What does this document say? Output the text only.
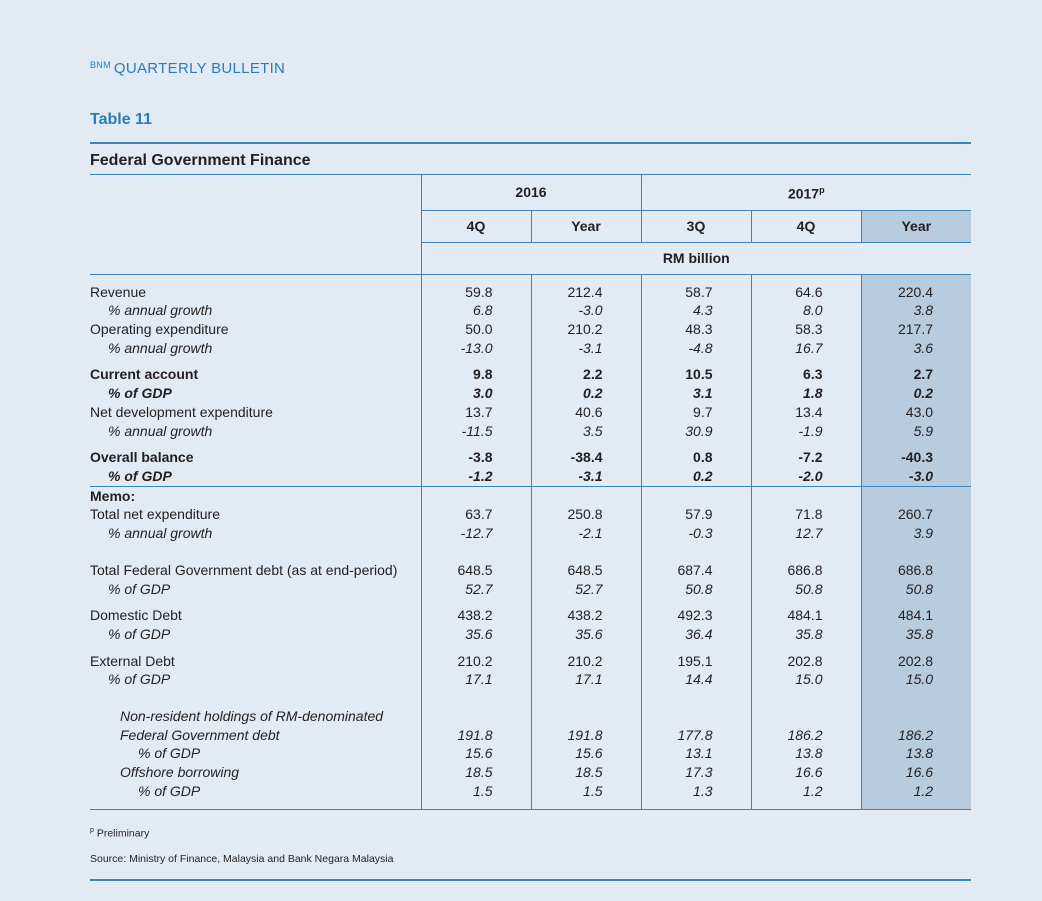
$^{BNM}$ QUARTERLY BULLETIN
Table 11
Federal Government Finance
	2016		2017$^p$
	4Q	Year	3Q	4Q	Year
	RM billion				

Revenue	59.8	212.4	58.7	64.6	220.4
% annual growth	6.8	-3.0	4.3	8.0	3.8
Operating expenditure	50.0	210.2	48.3	58.3	217.7
% annual growth	-13.0	-3.1	-4.8	16.7	3.6

Current account	9.8	2.2	10.5	6.3	2.7
% of GDP	3.0	0.2	3.1	1.8	0.2
Net development expenditure	13.7	40.6	9.7	13.4	43.0
% annual growth	-11.5	3.5	30.9	-1.9	5.9

Overall balance	-3.8	-38.4	0.8	-7.2	-40.3
% of GDP	-1.2	-3.1	0.2	-2.0	-3.0
Memo:					
Total net expenditure	63.7	250.8	57.9	71.8	260.7
% annual growth	-12.7	-2.1	-0.3	12.7	3.9

Total Federal Government debt (as at end-period)	648.5	648.5	687.4	686.8	686.8
% of GDP	52.7	52.7	50.8	50.8	50.8

Domestic Debt	438.2	438.2	492.3	484.1	484.1
% of GDP	35.6	35.6	36.4	35.8	35.8

External Debt	210.2	210.2	195.1	202.8	202.8
% of GDP	17.1	17.1	14.4	15.0	15.0

Non-resident holdings of RM-denominated					
Federal Government debt	191.8	191.8	177.8	186.2	186.2
% of GDP	15.6	15.6	13.1	13.8	13.8
Offshore borrowing	18.5	18.5	17.3	16.6	16.6
% of GDP	1.5	1.5	1.3	1.2	1.2

$^p$ Preliminary
Source: Ministry of Finance, Malaysia and Bank Negara Malaysia
